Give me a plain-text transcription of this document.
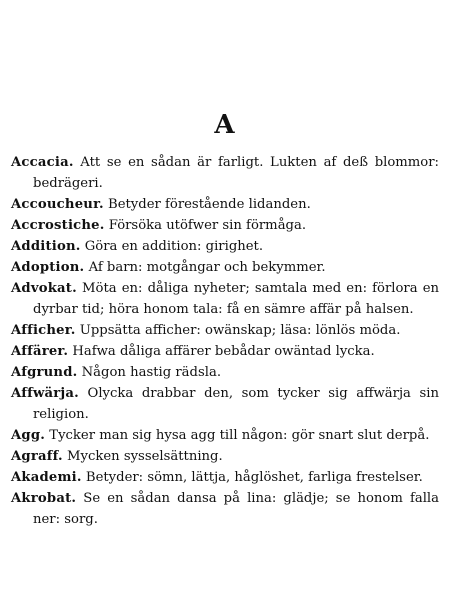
A
Accacia. Att se en sådan är farligt. Lukten af deß blommor: bedrägeri.
Accoucheur. Betyder förestående lidanden.
Accrostiche. Försöka utöfwer sin förmåga.
Addition. Göra en addition: girighet.
Adoption. Af barn: motgångar och bekymmer.
Advokat. Möta en: dåliga nyheter; samtala med en: förlora en dyrbar tid; höra honom tala: få en sämre affär på halsen.
Afficher. Uppsätta afficher: owänskap; läsa: lönlös möda.
Affärer. Hafwa dåliga affärer bebådar owäntad lycka.
Afgrund. Någon hastig rädsla.
Affwärja. Olycka drabbar den, som tycker sig affwärja sin religion.
Agg. Tycker man sig hysa agg till någon: gör snart slut derpå.
Agraff. Mycken sysselsättning.
Akademi. Betyder: sömn, lättja, håglöshet, farliga frestelser.
Akrobat. Se en sådan dansa på lina: glädje; se honom falla ner: sorg.
